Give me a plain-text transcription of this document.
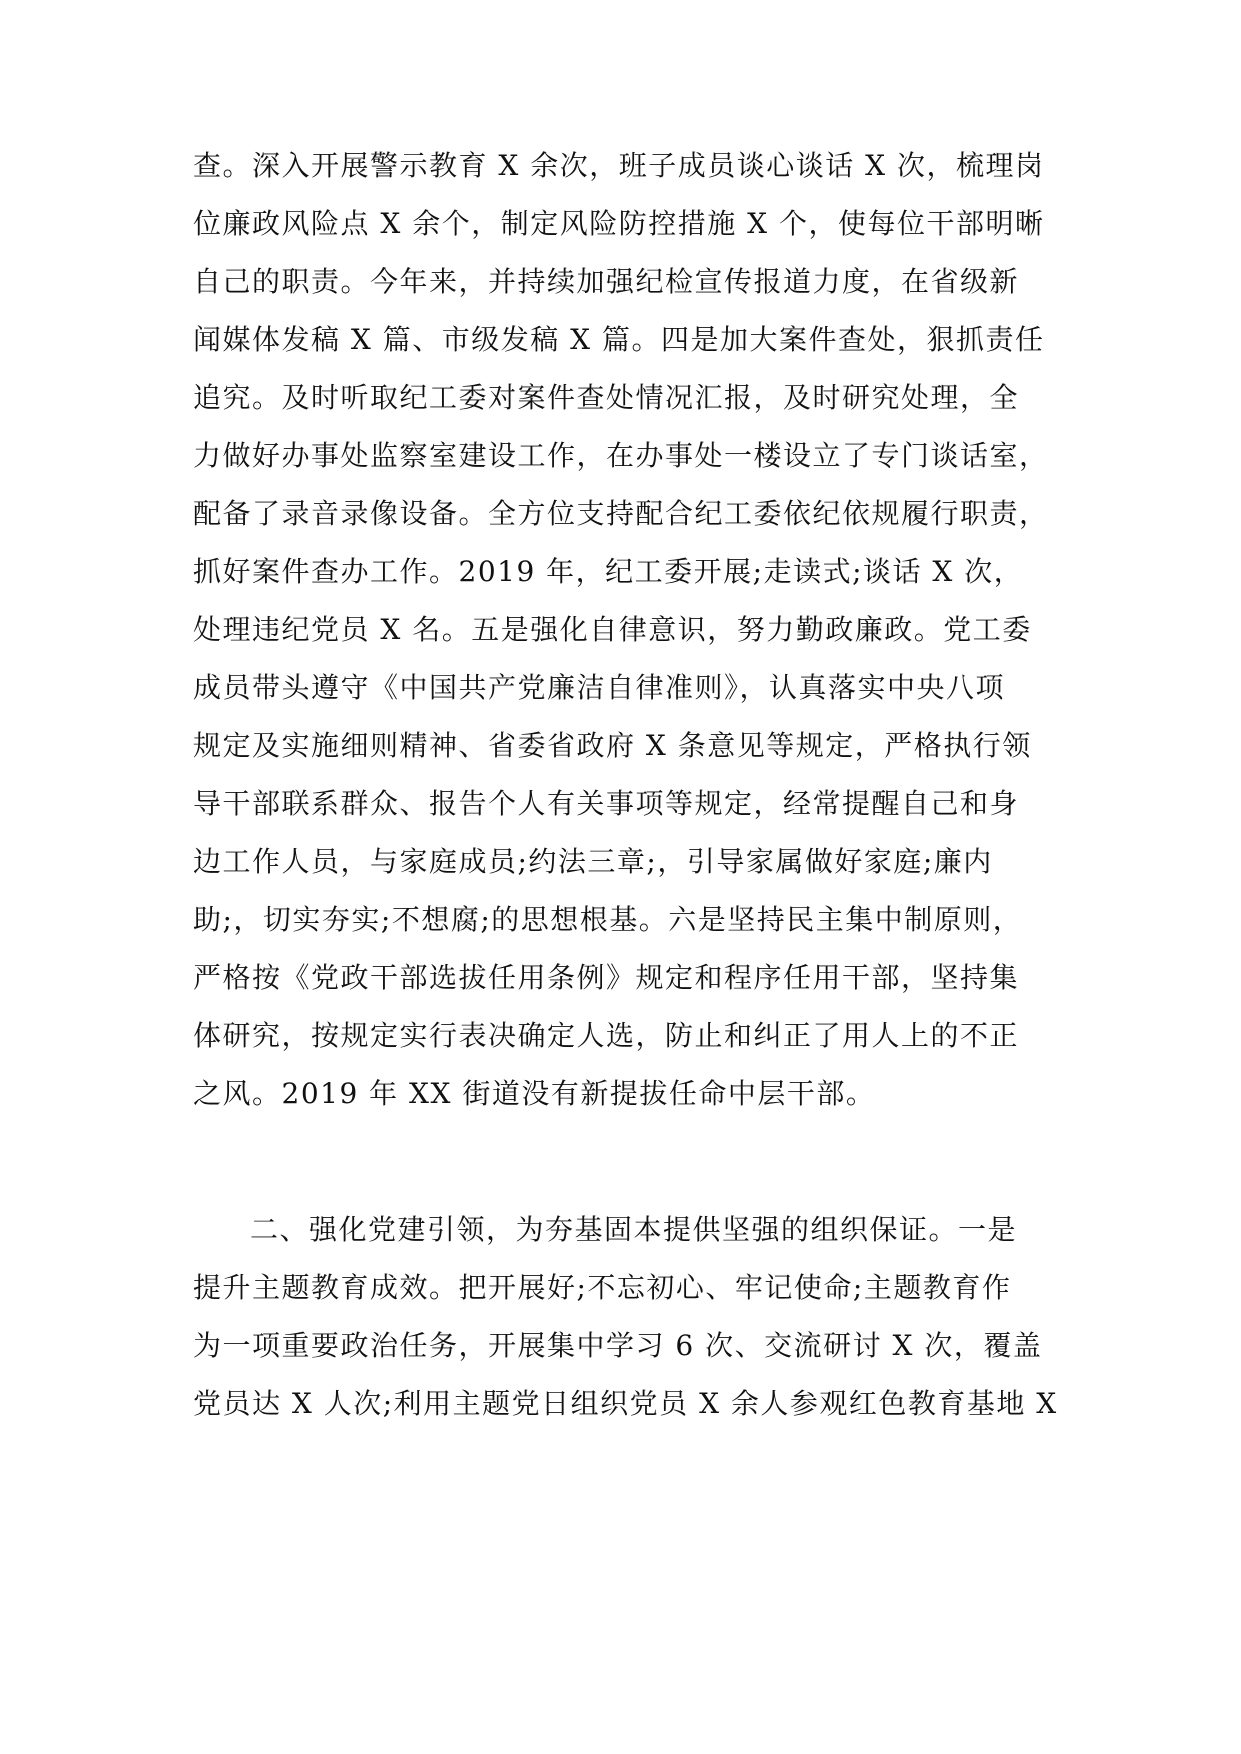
查。深入开展警示教育 X 余次，班子成员谈心谈话 X 次，梳理岗
位廉政风险点 X 余个，制定风险防控措施 X 个，使每位干部明晰
自己的职责。今年来，并持续加强纪检宣传报道力度，在省级新
闻媒体发稿 X 篇、市级发稿 X 篇。四是加大案件查处，狠抓责任
追究。及时听取纪工委对案件查处情况汇报，及时研究处理，全
力做好办事处监察室建设工作，在办事处一楼设立了专门谈话室，
配备了录音录像设备。全方位支持配合纪工委依纪依规履行职责，
抓好案件查办工作。2019 年，纪工委开展;走读式;谈话 X 次，
处理违纪党员 X 名。五是强化自律意识，努力勤政廉政。党工委
成员带头遵守《中国共产党廉洁自律准则》，认真落实中央八项
规定及实施细则精神、省委省政府 X 条意见等规定，严格执行领
导干部联系群众、报告个人有关事项等规定，经常提醒自己和身
边工作人员，与家庭成员;约法三章;，引导家属做好家庭;廉内
助;，切实夯实;不想腐;的思想根基。六是坚持民主集中制原则，
严格按《党政干部选拔任用条例》规定和程序任用干部，坚持集
体研究，按规定实行表决确定人选，防止和纠正了用人上的不正
之风。2019 年 XX 街道没有新提拔任命中层干部。
二、强化党建引领，为夯基固本提供坚强的组织保证。一是
提升主题教育成效。把开展好;不忘初心、牢记使命;主题教育作
为一项重要政治任务，开展集中学习 6 次、交流研讨 X 次，覆盖
党员达 X 人次;利用主题党日组织党员 X 余人参观红色教育基地 X
